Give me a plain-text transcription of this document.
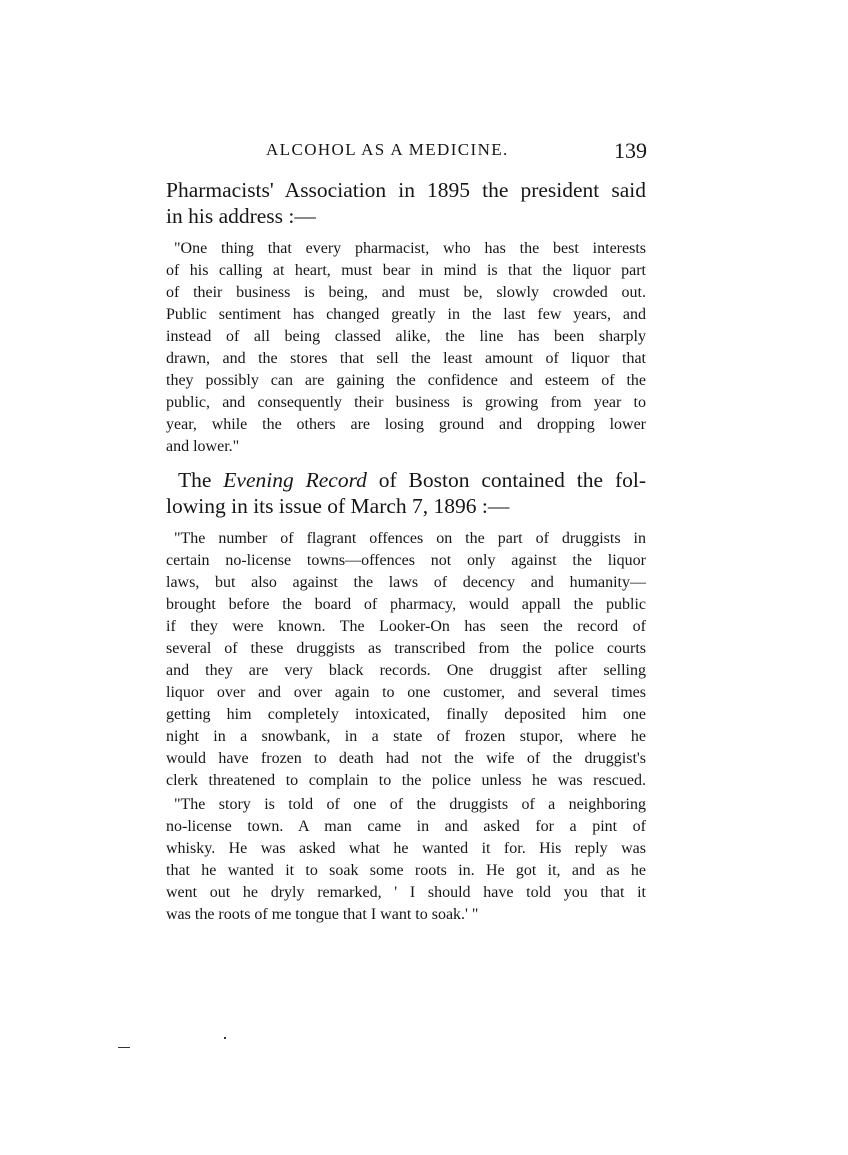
ALCOHOL AS A MEDICINE.	139

Pharmacists' Association in 1895 the president said

in his address :—

"One thing that every pharmacist, who has the best interests

of his calling at heart, must bear in mind is that the liquor part

of their business is being, and must be, slowly crowded out.

Public sentiment has changed greatly in the last few years, and

instead of all being classed alike, the line has been sharply

drawn, and the stores that sell the least amount of liquor that

they possibly can are gaining the confidence and esteem of the

public, and consequently their business is growing from year to

year, while the others are losing ground and dropping lower

and lower."

The Evening Record of Boston contained the fol-

lowing in its issue of March 7, 1896 :—

"The number of flagrant offences on the part of druggists in

certain no-license towns—offences not only against the liquor

laws, but also against the laws of decency and humanity—

brought before the board of pharmacy, would appall the public

if they were known. The Looker-On has seen the record of

several of these druggists as transcribed from the police courts

and they are very black records. One druggist after selling

liquor over and over again to one customer, and several times

getting him completely intoxicated, finally deposited him one

night in a snowbank, in a state of frozen stupor, where he

would have frozen to death had not the wife of the druggist's

clerk threatened to complain to the police unless he was rescued.

"The story is told of one of the druggists of a neighboring

no-license town. A man came in and asked for a pint of

whisky. He was asked what he wanted it for. His reply was

that he wanted it to soak some roots in. He got it, and as he

went out he dryly remarked, ' I should have told you that it

was the roots of me tongue that I want to soak.' "
